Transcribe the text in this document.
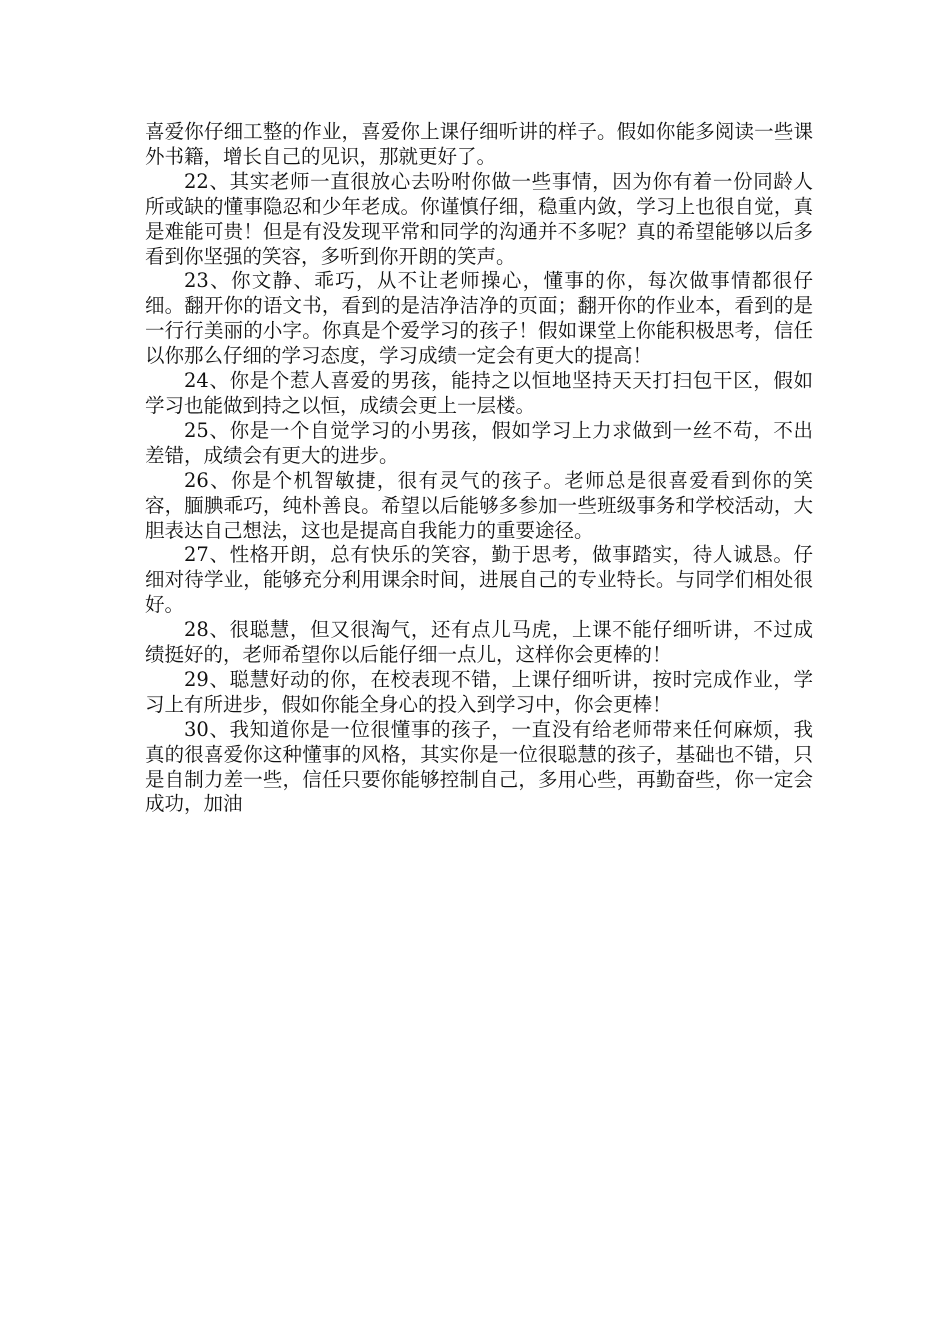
喜爱你仔细工整的作业，喜爱你上课仔细听讲的样子。假如你能多阅读一些课外书籍，增长自己的见识，那就更好了。

22、其实老师一直很放心去吩咐你做一些事情，因为你有着一份同龄人所或缺的懂事隐忍和少年老成。你谨慎仔细，稳重内敛，学习上也很自觉，真是难能可贵！但是有没发现平常和同学的沟通并不多呢？真的希望能够以后多看到你坚强的笑容，多听到你开朗的笑声。

23、你文静、乖巧，从不让老师操心，懂事的你，每次做事情都很仔细。翻开你的语文书，看到的是洁净洁净的页面；翻开你的作业本，看到的是一行行美丽的小字。你真是个爱学习的孩子！假如课堂上你能积极思考，信任以你那么仔细的学习态度，学习成绩一定会有更大的提高！

24、你是个惹人喜爱的男孩，能持之以恒地坚持天天打扫包干区，假如学习也能做到持之以恒，成绩会更上一层楼。

25、你是一个自觉学习的小男孩，假如学习上力求做到一丝不苟，不出差错，成绩会有更大的进步。

26、你是个机智敏捷，很有灵气的孩子。老师总是很喜爱看到你的笑容，腼腆乖巧，纯朴善良。希望以后能够多参加一些班级事务和学校活动，大胆表达自己想法，这也是提高自我能力的重要途径。

27、性格开朗，总有快乐的笑容，勤于思考，做事踏实，待人诚恳。仔细对待学业，能够充分利用课余时间，进展自己的专业特长。与同学们相处很好。

28、很聪慧，但又很淘气，还有点儿马虎，上课不能仔细听讲，不过成绩挺好的，老师希望你以后能仔细一点儿，这样你会更棒的！

29、聪慧好动的你，在校表现不错，上课仔细听讲，按时完成作业，学习上有所进步，假如你能全身心的投入到学习中，你会更棒！

30、我知道你是一位很懂事的孩子，一直没有给老师带来任何麻烦，我真的很喜爱你这种懂事的风格，其实你是一位很聪慧的孩子，基础也不错，只是自制力差一些，信任只要你能够控制自己，多用心些，再勤奋些，你一定会成功，加油
